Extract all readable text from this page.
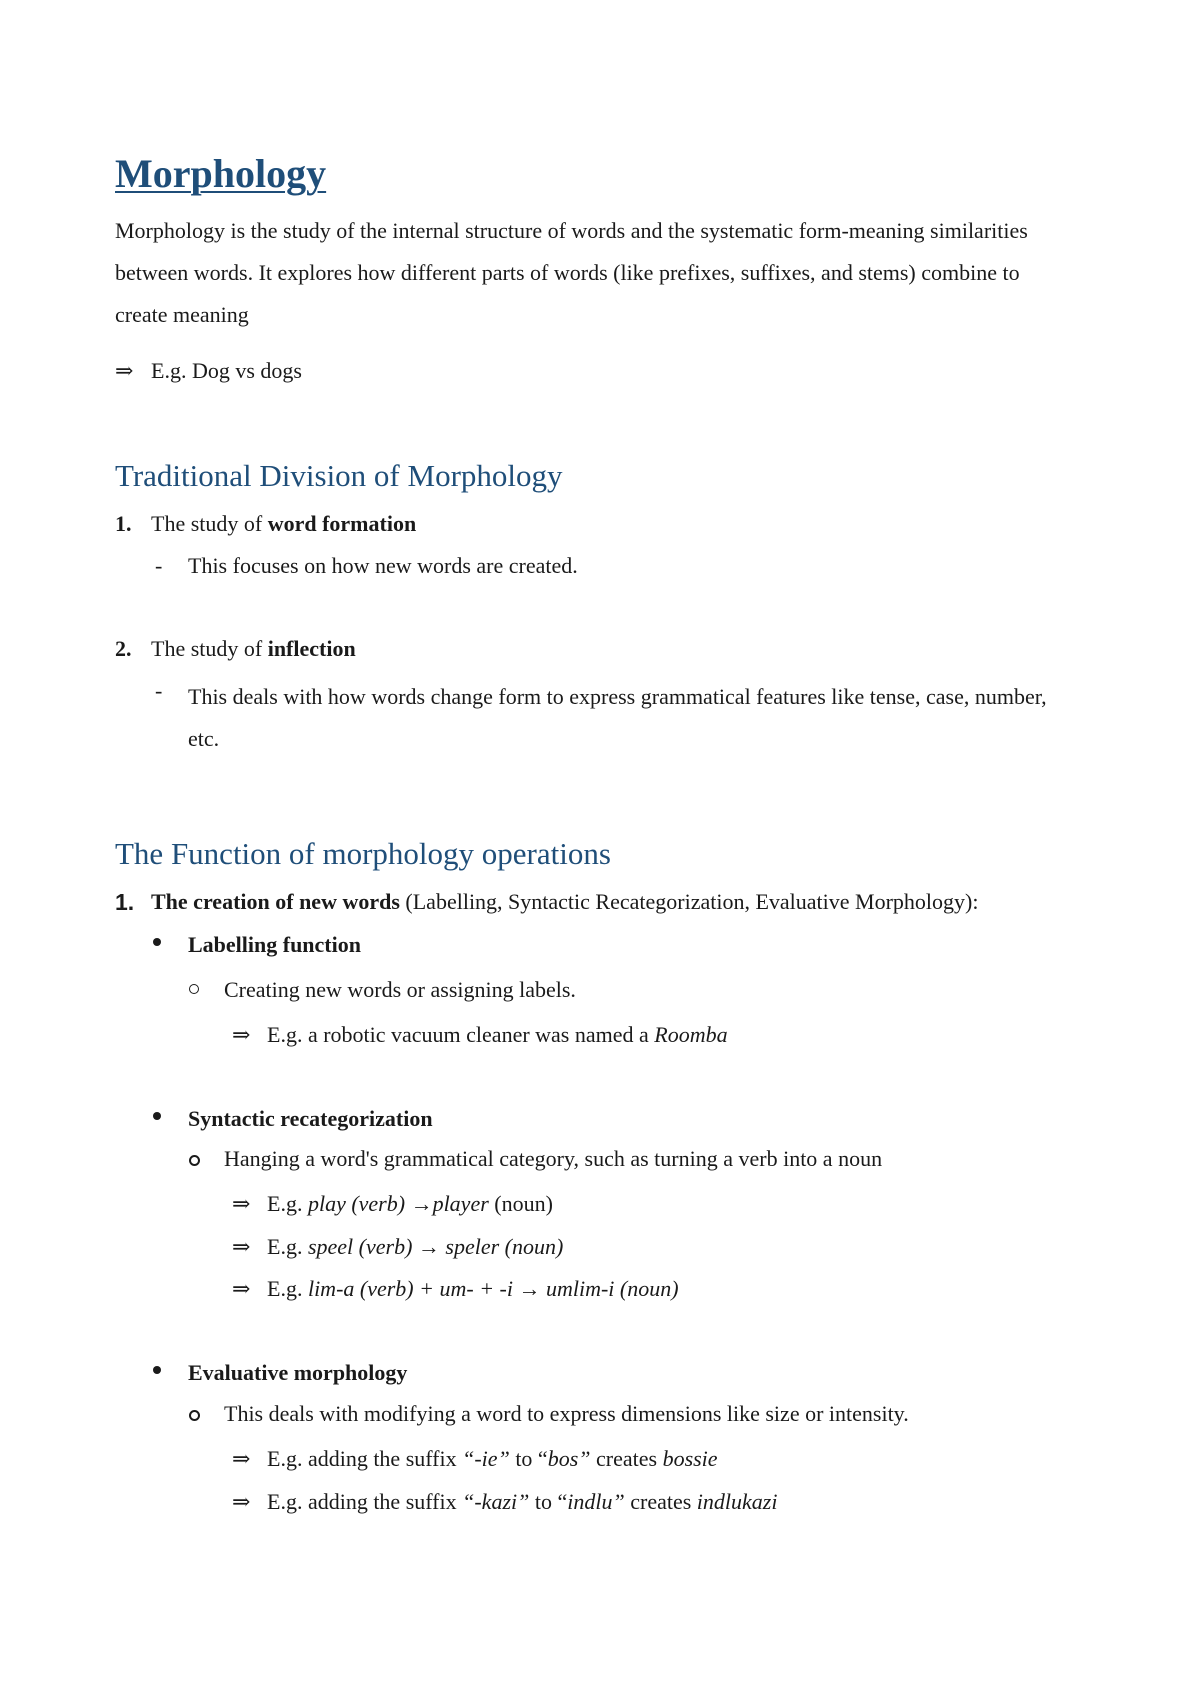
Morphology

Morphology is the study of the internal structure of words and the systematic form-meaning similarities between words. It explores how different parts of words (like prefixes, suffixes, and stems) combine to create meaning

⇒ E.g. Dog vs dogs
Traditional Division of Morphology
1. The study of word formation
- This focuses on how new words are created.
2. The study of inflection
- This deals with how words change form to express grammatical features like tense, case, number, etc.
The Function of morphology operations
1. The creation of new words (Labelling, Syntactic Recategorization, Evaluative Morphology):
Labelling function
Creating new words or assigning labels.
⇒ E.g. a robotic vacuum cleaner was named a Roomba
Syntactic recategorization
Hanging a word's grammatical category, such as turning a verb into a noun
⇒ E.g. play (verb) →player (noun)
⇒ E.g. speel (verb) → speler (noun)
⇒ E.g. lim-a (verb) + um- + -i → umlim-i (noun)
Evaluative morphology
This deals with modifying a word to express dimensions like size or intensity.
⇒ E.g. adding the suffix “-ie” to “bos” creates bossie
⇒ E.g. adding the suffix “-kazi” to “indlu” creates indlukazi
